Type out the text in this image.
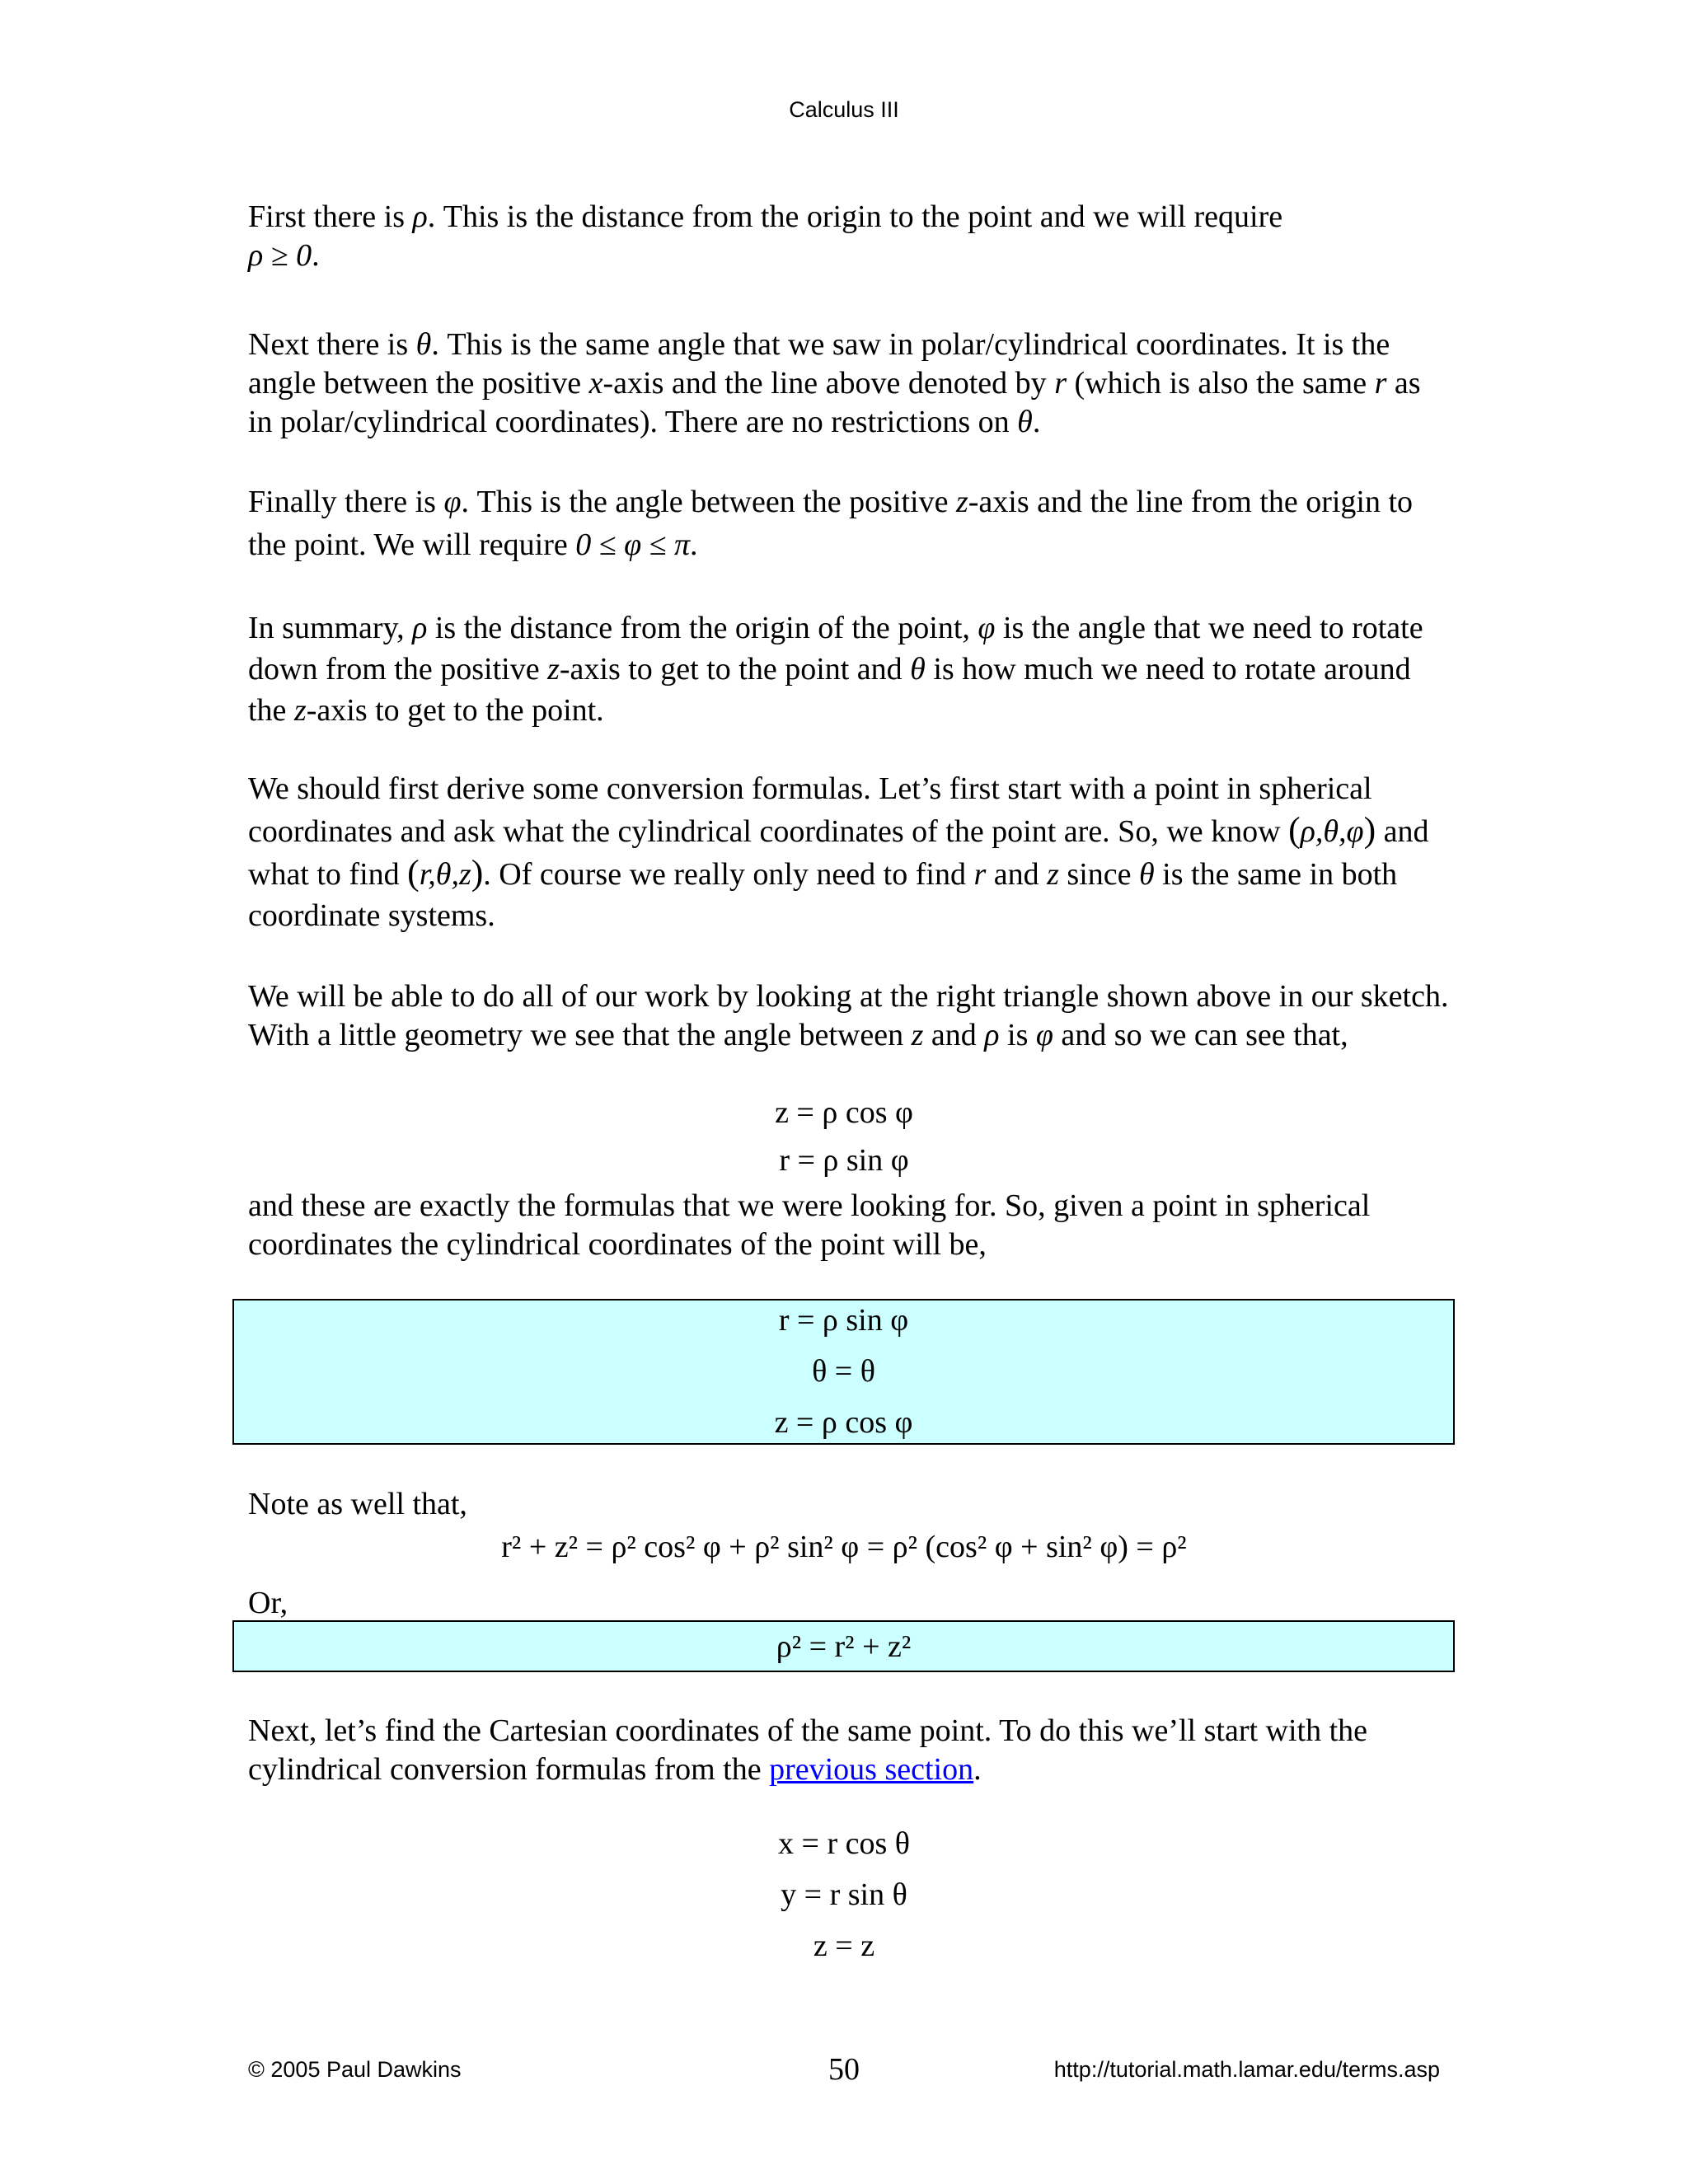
Calculus III

First there is ρ. This is the distance from the origin to the point and we will require
ρ ≥ 0.

Next there is θ. This is the same angle that we saw in polar/cylindrical coordinates. It is the angle between the positive x-axis and the line above denoted by r (which is also the same r as in polar/cylindrical coordinates). There are no restrictions on θ.

Finally there is φ. This is the angle between the positive z-axis and the line from the origin to the point. We will require 0 ≤ φ ≤ π.

In summary, ρ is the distance from the origin of the point, φ is the angle that we need to rotate down from the positive z-axis to get to the point and θ is how much we need to rotate around the z-axis to get to the point.

We should first derive some conversion formulas. Let’s first start with a point in spherical coordinates and ask what the cylindrical coordinates of the point are. So, we know (ρ,θ,φ) and what to find (r,θ,z). Of course we really only need to find r and z since θ is the same in both coordinate systems.

We will be able to do all of our work by looking at the right triangle shown above in our sketch. With a little geometry we see that the angle between z and ρ is φ and so we can see that,

z = ρ cos φ
r = ρ sin φ

and these are exactly the formulas that we were looking for. So, given a point in spherical coordinates the cylindrical coordinates of the point will be,

r = ρ sin φ
θ = θ
z = ρ cos φ

Note as well that,

r² + z² = ρ² cos² φ + ρ² sin² φ = ρ² (cos² φ + sin² φ) = ρ²

Or,

ρ² = r² + z²

Next, let’s find the Cartesian coordinates of the same point. To do this we’ll start with the cylindrical conversion formulas from the previous section.

x = r cos θ
y = r sin θ
z = z
© 2005 Paul Dawkins	50	http://tutorial.math.lamar.edu/terms.asp
